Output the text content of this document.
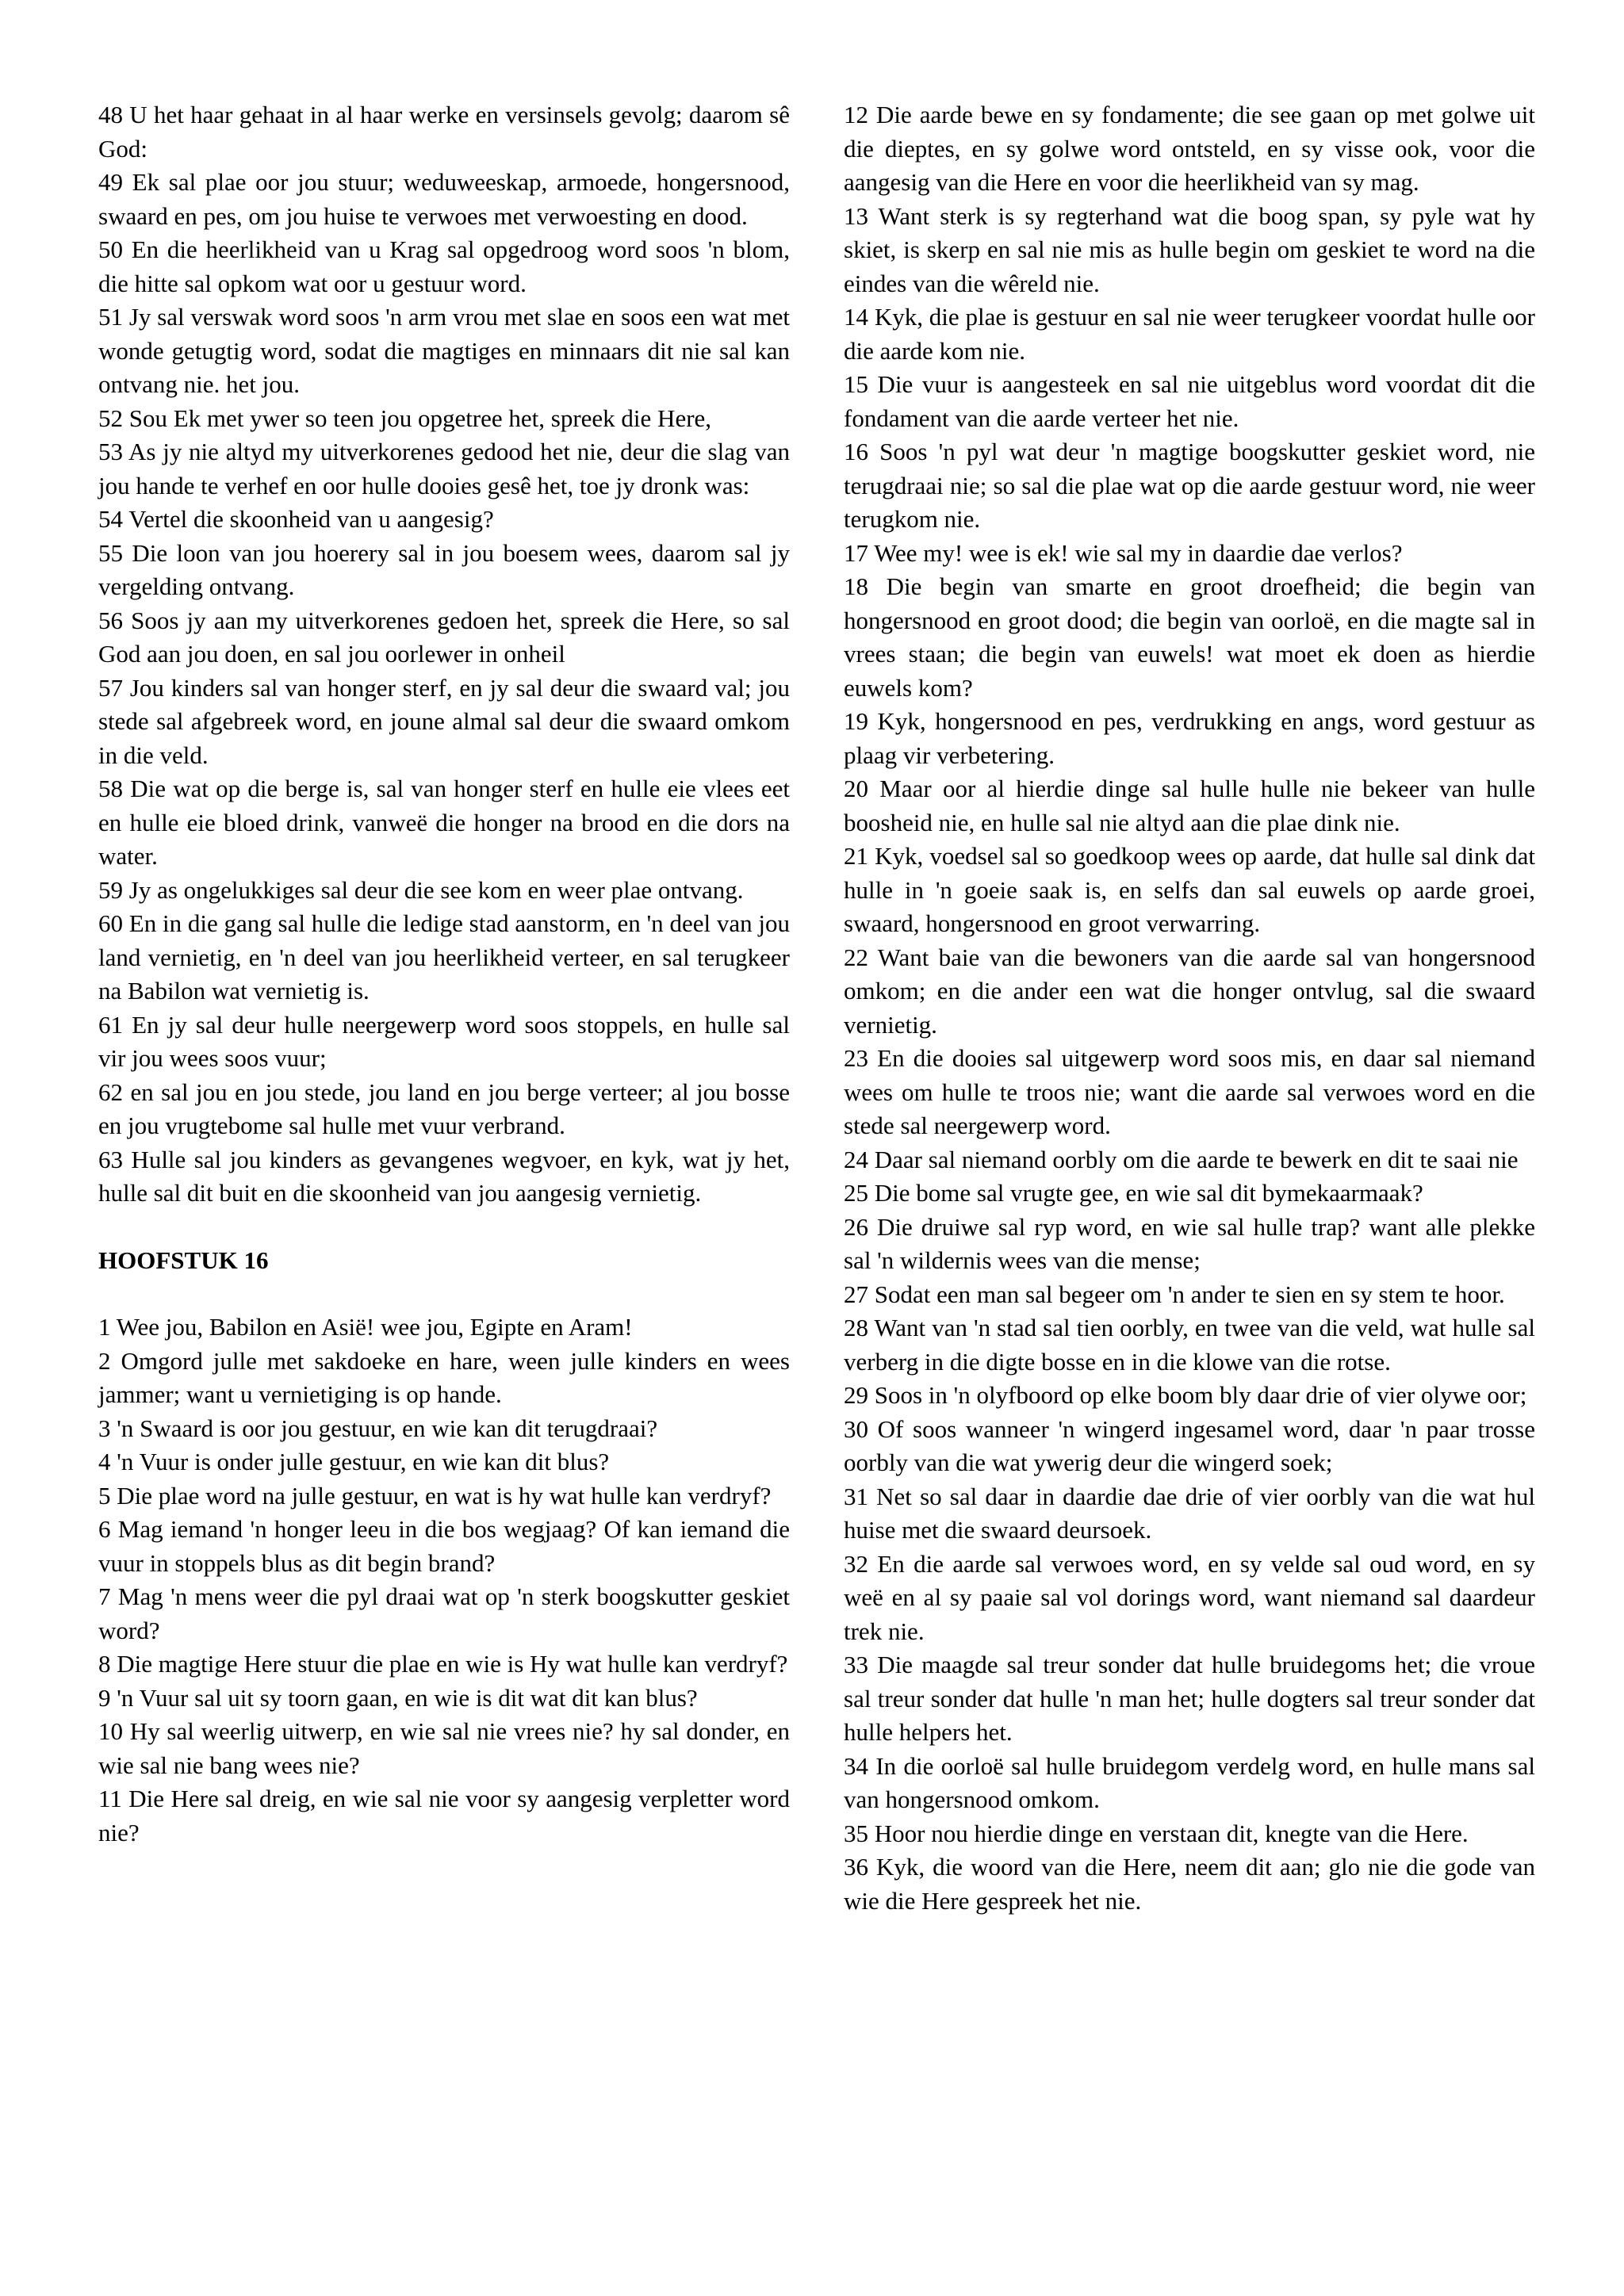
48 U het haar gehaat in al haar werke en versinsels gevolg; daarom sê God:

49 Ek sal plae oor jou stuur; weduweeskap, armoede, hongersnood, swaard en pes, om jou huise te verwoes met verwoesting en dood.

50 En die heerlikheid van u Krag sal opgedroog word soos 'n blom, die hitte sal opkom wat oor u gestuur word.

51 Jy sal verswak word soos 'n arm vrou met slae en soos een wat met wonde getugtig word, sodat die magtiges en minnaars dit nie sal kan ontvang nie. het jou.

52 Sou Ek met ywer so teen jou opgetree het, spreek die Here,

53 As jy nie altyd my uitverkorenes gedood het nie, deur die slag van jou hande te verhef en oor hulle dooies gesê het, toe jy dronk was:

54 Vertel die skoonheid van u aangesig?

55 Die loon van jou hoerery sal in jou boesem wees, daarom sal jy vergelding ontvang.

56 Soos jy aan my uitverkorenes gedoen het, spreek die Here, so sal God aan jou doen, en sal jou oorlewer in onheil

57 Jou kinders sal van honger sterf, en jy sal deur die swaard val; jou stede sal afgebreek word, en joune almal sal deur die swaard omkom in die veld.

58 Die wat op die berge is, sal van honger sterf en hulle eie vlees eet en hulle eie bloed drink, vanweë die honger na brood en die dors na water.

59 Jy as ongelukkiges sal deur die see kom en weer plae ontvang.

60 En in die gang sal hulle die ledige stad aanstorm, en 'n deel van jou land vernietig, en 'n deel van jou heerlikheid verteer, en sal terugkeer na Babilon wat vernietig is.

61 En jy sal deur hulle neergewerp word soos stoppels, en hulle sal vir jou wees soos vuur;

62 en sal jou en jou stede, jou land en jou berge verteer; al jou bosse en jou vrugtebome sal hulle met vuur verbrand.

63 Hulle sal jou kinders as gevangenes wegvoer, en kyk, wat jy het, hulle sal dit buit en die skoonheid van jou aangesig vernietig.

HOOFSTUK 16

1 Wee jou, Babilon en Asië! wee jou, Egipte en Aram!

2 Omgord julle met sakdoeke en hare, ween julle kinders en wees jammer; want u vernietiging is op hande.

3 'n Swaard is oor jou gestuur, en wie kan dit terugdraai?

4 'n Vuur is onder julle gestuur, en wie kan dit blus?

5 Die plae word na julle gestuur, en wat is hy wat hulle kan verdryf?

6 Mag iemand 'n honger leeu in die bos wegjaag? Of kan iemand die vuur in stoppels blus as dit begin brand?

7 Mag 'n mens weer die pyl draai wat op 'n sterk boogskutter geskiet word?

8 Die magtige Here stuur die plae en wie is Hy wat hulle kan verdryf?

9 'n Vuur sal uit sy toorn gaan, en wie is dit wat dit kan blus?

10 Hy sal weerlig uitwerp, en wie sal nie vrees nie? hy sal donder, en wie sal nie bang wees nie?

11 Die Here sal dreig, en wie sal nie voor sy aangesig verpletter word nie?

12 Die aarde bewe en sy fondamente; die see gaan op met golwe uit die dieptes, en sy golwe word ontsteld, en sy visse ook, voor die aangesig van die Here en voor die heerlikheid van sy mag.

13 Want sterk is sy regterhand wat die boog span, sy pyle wat hy skiet, is skerp en sal nie mis as hulle begin om geskiet te word na die eindes van die wêreld nie.

14 Kyk, die plae is gestuur en sal nie weer terugkeer voordat hulle oor die aarde kom nie.

15 Die vuur is aangesteek en sal nie uitgeblus word voordat dit die fondament van die aarde verteer het nie.

16 Soos 'n pyl wat deur 'n magtige boogskutter geskiet word, nie terugdraai nie; so sal die plae wat op die aarde gestuur word, nie weer terugkom nie.

17 Wee my! wee is ek! wie sal my in daardie dae verlos?

18 Die begin van smarte en groot droefheid; die begin van hongersnood en groot dood; die begin van oorloë, en die magte sal in vrees staan; die begin van euwels! wat moet ek doen as hierdie euwels kom?

19 Kyk, hongersnood en pes, verdrukking en angs, word gestuur as plaag vir verbetering.

20 Maar oor al hierdie dinge sal hulle hulle nie bekeer van hulle boosheid nie, en hulle sal nie altyd aan die plae dink nie.

21 Kyk, voedsel sal so goedkoop wees op aarde, dat hulle sal dink dat hulle in 'n goeie saak is, en selfs dan sal euwels op aarde groei, swaard, hongersnood en groot verwarring.

22 Want baie van die bewoners van die aarde sal van hongersnood omkom; en die ander een wat die honger ontvlug, sal die swaard vernietig.

23 En die dooies sal uitgewerp word soos mis, en daar sal niemand wees om hulle te troos nie; want die aarde sal verwoes word en die stede sal neergewerp word.

24 Daar sal niemand oorbly om die aarde te bewerk en dit te saai nie

25 Die bome sal vrugte gee, en wie sal dit bymekaarmaak?

26 Die druiwe sal ryp word, en wie sal hulle trap? want alle plekke sal 'n wildernis wees van die mense;

27 Sodat een man sal begeer om 'n ander te sien en sy stem te hoor.

28 Want van 'n stad sal tien oorbly, en twee van die veld, wat hulle sal verberg in die digte bosse en in die klowe van die rotse.

29 Soos in 'n olyfboord op elke boom bly daar drie of vier olywe oor;

30 Of soos wanneer 'n wingerd ingesamel word, daar 'n paar trosse oorbly van die wat ywerig deur die wingerd soek;

31 Net so sal daar in daardie dae drie of vier oorbly van die wat hul huise met die swaard deursoek.

32 En die aarde sal verwoes word, en sy velde sal oud word, en sy weë en al sy paaie sal vol dorings word, want niemand sal daardeur trek nie.

33 Die maagde sal treur sonder dat hulle bruidegoms het; die vroue sal treur sonder dat hulle 'n man het; hulle dogters sal treur sonder dat hulle helpers het.

34 In die oorloë sal hulle bruidegom verdelg word, en hulle mans sal van hongersnood omkom.

35 Hoor nou hierdie dinge en verstaan dit, knegte van die Here.

36 Kyk, die woord van die Here, neem dit aan; glo nie die gode van wie die Here gespreek het nie.
